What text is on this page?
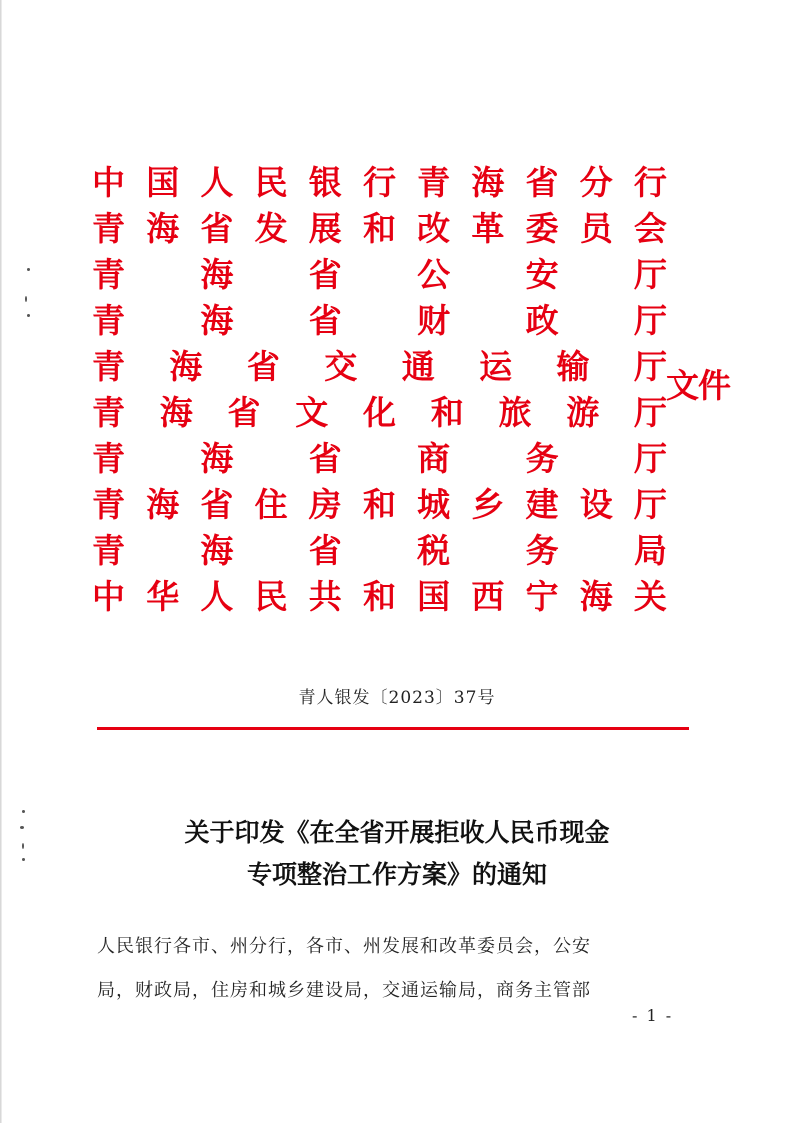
中 国 人 民 银 行 青 海 省 分 行
青 海 省 发 展 和 改 革 委 员 会
青 海 省 公 安 厅
青 海 省 财 政 厅
青 海 省 交 通 运 输 厅
青 海 省 文 化 和 旅 游 厅
青 海 省 商 务 厅
青 海 省 住 房 和 城 乡 建 设 厅
青 海 省 税 务 局
中 华 人 民 共 和 国 西 宁 海 关
文件
青人银发〔2023〕37号
关于印发《在全省开展拒收人民币现金
专项整治工作方案》的通知
人民银行各市、州分行，各市、州发展和改革委员会，公安
局，财政局，住房和城乡建设局，交通运输局，商务主管部
- 1 -
